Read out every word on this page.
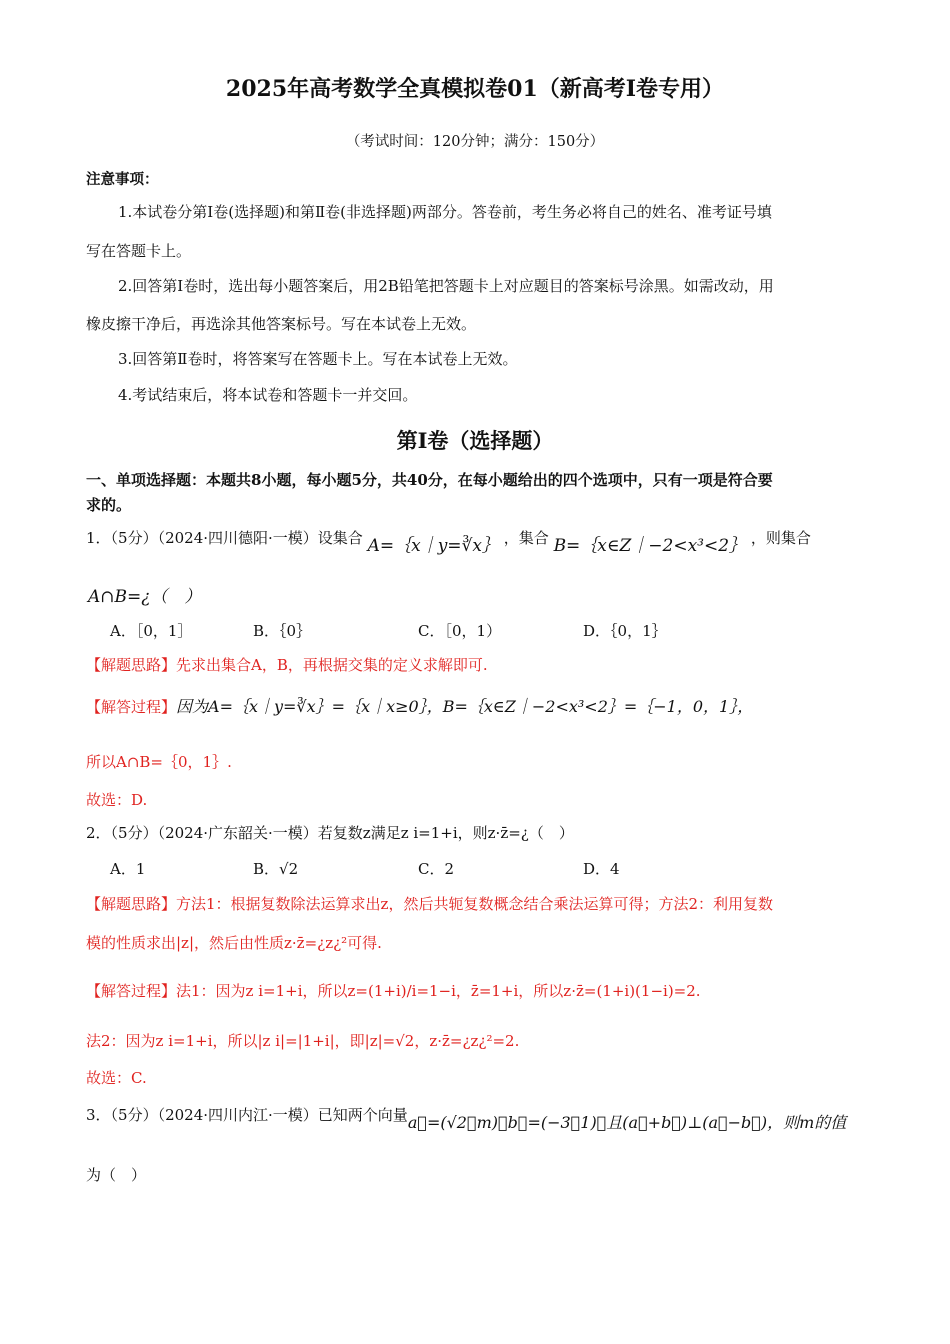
2025年高考数学全真模拟卷01（新高考Ⅰ卷专用）
（考试时间：120分钟；满分：150分）
注意事项：
1.本试卷分第Ⅰ卷(选择题)和第Ⅱ卷(非选择题)两部分。答卷前，考生务必将自己的姓名、准考证号填
写在答题卡上。
2.回答第Ⅰ卷时，选出每小题答案后，用2B铅笔把答题卡上对应题目的答案标号涂黑。如需改动，用
橡皮擦干净后，再选涂其他答案标号。写在本试卷上无效。
3.回答第Ⅱ卷时，将答案写在答题卡上。写在本试卷上无效。
4.考试结束后，将本试卷和答题卡一并交回。
第Ⅰ卷（选择题）
一、单项选择题：本题共8小题，每小题5分，共40分，在每小题给出的四个选项中，只有一项是符合要
求的。
1．（5分）（2024·四川德阳·一模）设集合 A=｛x｜y=∛x｝ ，集合 B=｛x∈Z｜−2<x³<2｝ ，则集合
A∩B=¿（　）
A．［0，1］	B．｛0｝	C．［0，1）	D．｛0，1｝
【解题思路】先求出集合A，B，再根据交集的定义求解即可.
【解答过程】因为A=｛x｜y=∛x｝=｛x｜x≥0｝，B=｛x∈Z｜−2<x³<2｝=｛−1，0，1｝，
所以A∩B=｛0，1｝.
故选：D.
2．（5分）（2024·广东韶关·一模）若复数z满足z i=1+i，则z·z̄=¿（　）
A．1	B．√2	C．2	D．4
【解题思路】方法1：根据复数除法运算求出z，然后共轭复数概念结合乘法运算可得；方法2：利用复数
模的性质求出|z|，然后由性质z·z̄=¿z¿²可得.
【解答过程】法1：因为z i=1+i，所以z=(1+i)/i=1−i，z̄=1+i，所以z·z̄=(1+i)(1−i)=2.
法2：因为z i=1+i，所以|z i|=|1+i|，即|z|=√2，z·z̄=¿z¿²=2.
故选：C.
3．（5分）（2024·四川内江·一模）已知两个向量a⃗=(√2，m)，b⃗=(−3，1)，且(a⃗+b⃗)⊥(a⃗−b⃗)，则m的值
为（　）
